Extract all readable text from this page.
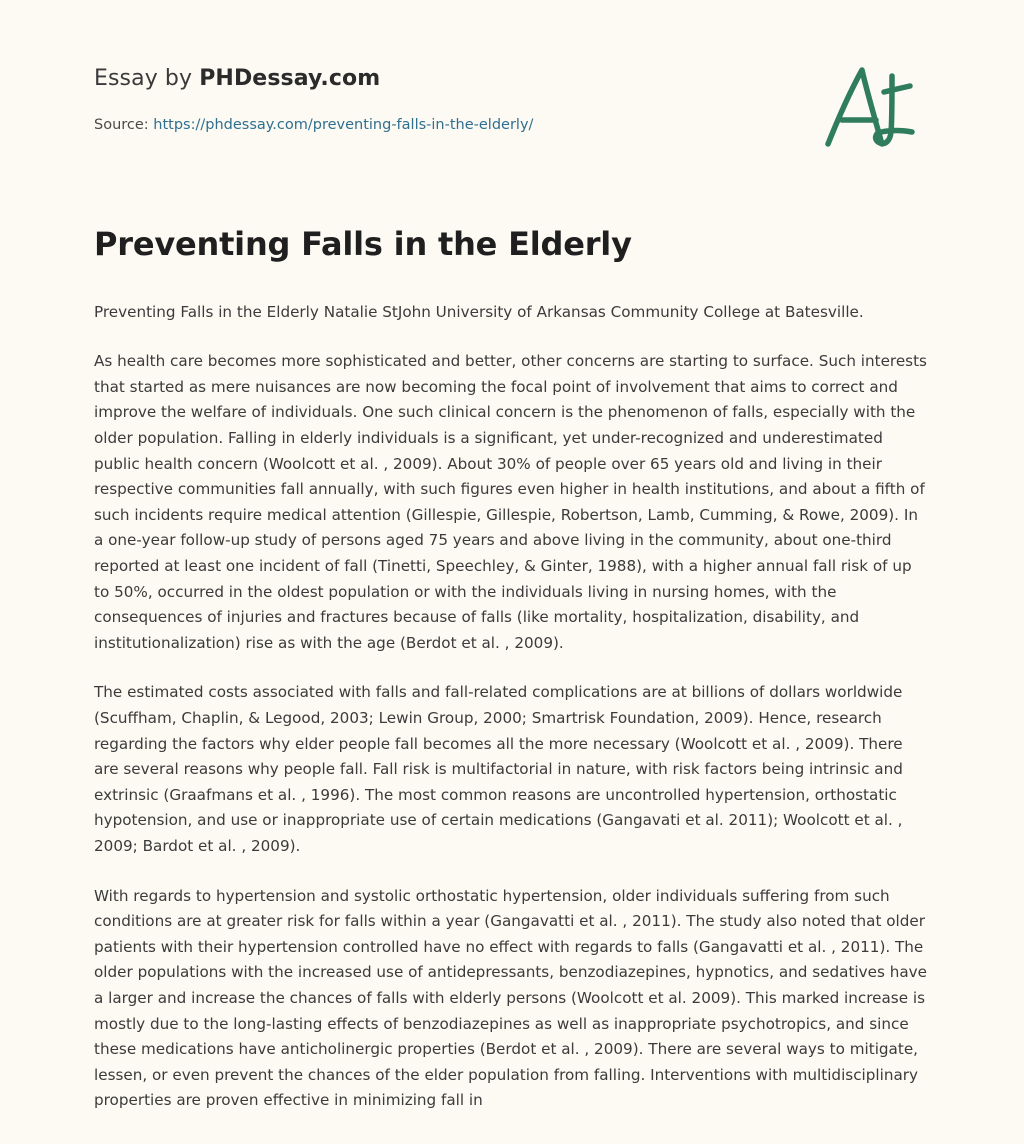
Essay by PHDessay.com
Source: https://phdessay.com/preventing-falls-in-the-elderly/
Preventing Falls in the Elderly

Preventing Falls in the Elderly Natalie StJohn University of Arkansas Community College at Batesville.

As health care becomes more sophisticated and better, other concerns are starting to surface. Such interests that started as mere nuisances are now becoming the focal point of involvement that aims to correct and improve the welfare of individuals. One such clinical concern is the phenomenon of falls, especially with the older population. Falling in elderly individuals is a significant, yet under-recognized and underestimated public health concern (Woolcott et al. , 2009). About 30% of people over 65 years old and living in their respective communities fall annually, with such figures even higher in health institutions, and about a fifth of such incidents require medical attention (Gillespie, Gillespie, Robertson, Lamb, Cumming, & Rowe, 2009). In a one-year follow-up study of persons aged 75 years and above living in the community, about one-third reported at least one incident of fall (Tinetti, Speechley, & Ginter, 1988), with a higher annual fall risk of up to 50%, occurred in the oldest population or with the individuals living in nursing homes, with the consequences of injuries and fractures because of falls (like mortality, hospitalization, disability, and institutionalization) rise as with the age (Berdot et al. , 2009).

The estimated costs associated with falls and fall-related complications are at billions of dollars worldwide (Scuffham, Chaplin, & Legood, 2003; Lewin Group, 2000; Smartrisk Foundation, 2009). Hence, research regarding the factors why elder people fall becomes all the more necessary (Woolcott et al. , 2009). There are several reasons why people fall. Fall risk is multifactorial in nature, with risk factors being intrinsic and extrinsic (Graafmans et al. , 1996). The most common reasons are uncontrolled hypertension, orthostatic hypotension, and use or inappropriate use of certain medications (Gangavati et al. 2011); Woolcott et al. , 2009; Bardot et al. , 2009).

With regards to hypertension and systolic orthostatic hypertension, older individuals suffering from such conditions are at greater risk for falls within a year (Gangavatti et al. , 2011). The study also noted that older patients with their hypertension controlled have no effect with regards to falls (Gangavatti et al. , 2011). The older populations with the increased use of antidepressants, benzodiazepines, hypnotics, and sedatives have a larger and increase the chances of falls with elderly persons (Woolcott et al. 2009). This marked increase is mostly due to the long-lasting effects of benzodiazepines as well as inappropriate psychotropics, and since these medications have anticholinergic properties (Berdot et al. , 2009). There are several ways to mitigate, lessen, or even prevent the chances of the elder population from falling. Interventions with multidisciplinary properties are proven effective in minimizing fall in
